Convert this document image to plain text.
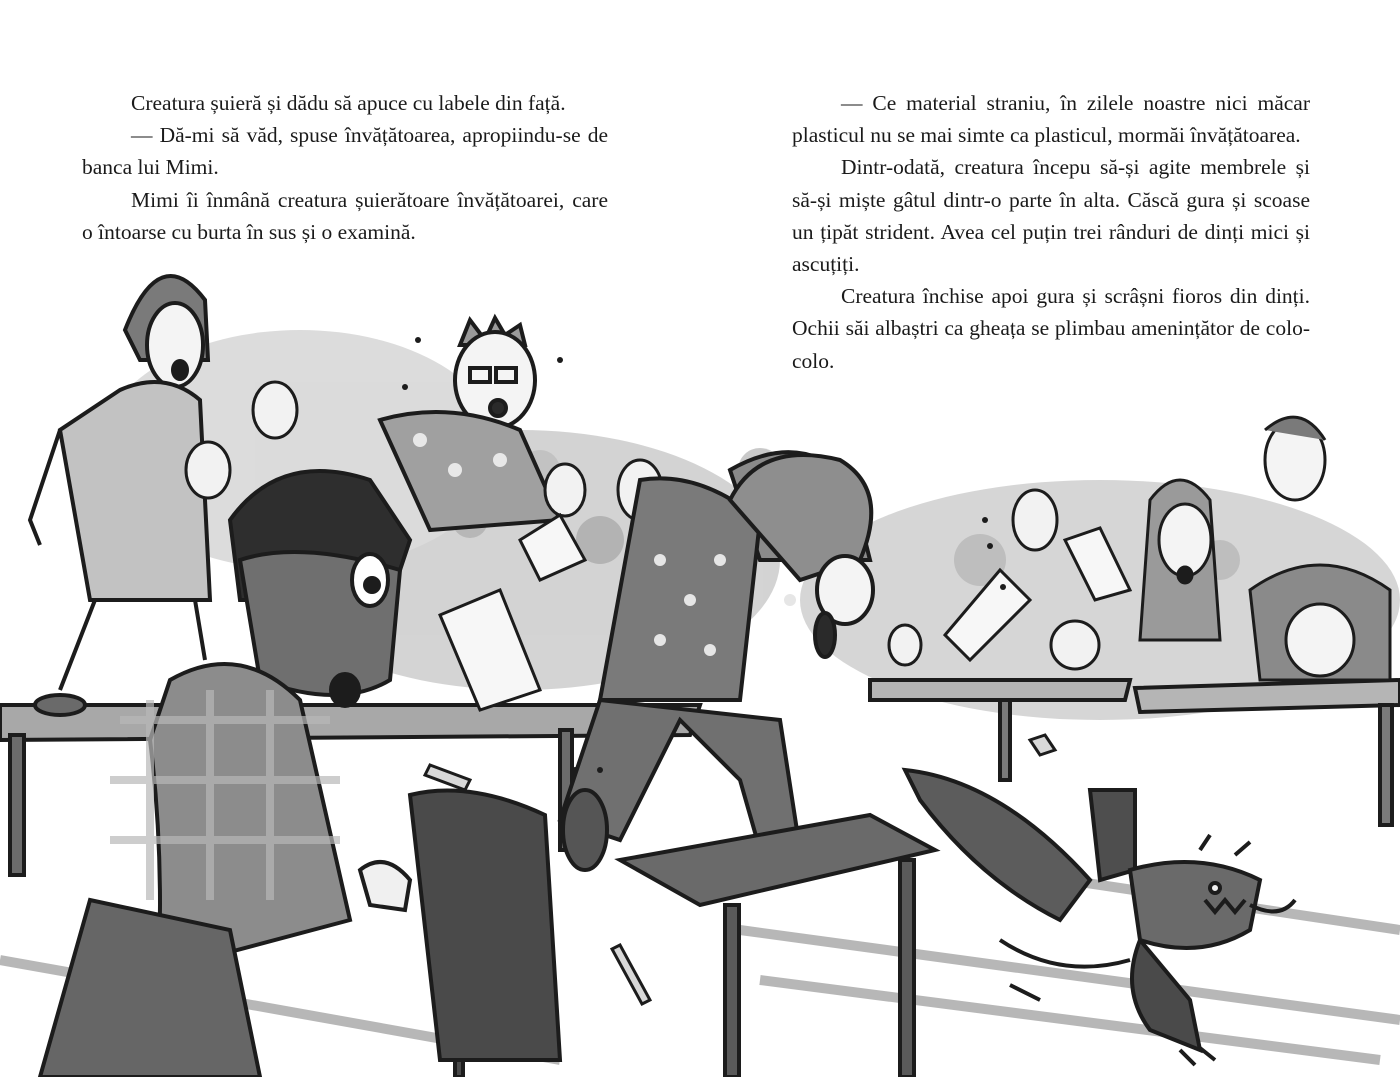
Creatura șuieră și dădu să apuce cu labele din față.

— Dă-mi să văd, spuse învățătoarea, apropiindu-se de banca lui Mimi.

Mimi îi înmână creatura șuierătoare învățătoarei, care o întoarse cu burta în sus și o examină.

— Ce material straniu, în zilele noastre nici măcar plasticul nu se mai simte ca plasticul, mormăi învățătoarea.

Dintr-odată, creatura începu să-și agite membrele și să-și miște gâtul dintr-o parte în alta. Căscă gura și scoase un țipăt strident. Avea cel puțin trei rânduri de dinți mici și ascuțiți.

Creatura închise apoi gura și scrâșni fioros din dinți. Ochii săi albaștri ca gheața se plimbau amenințător de colo-colo.
